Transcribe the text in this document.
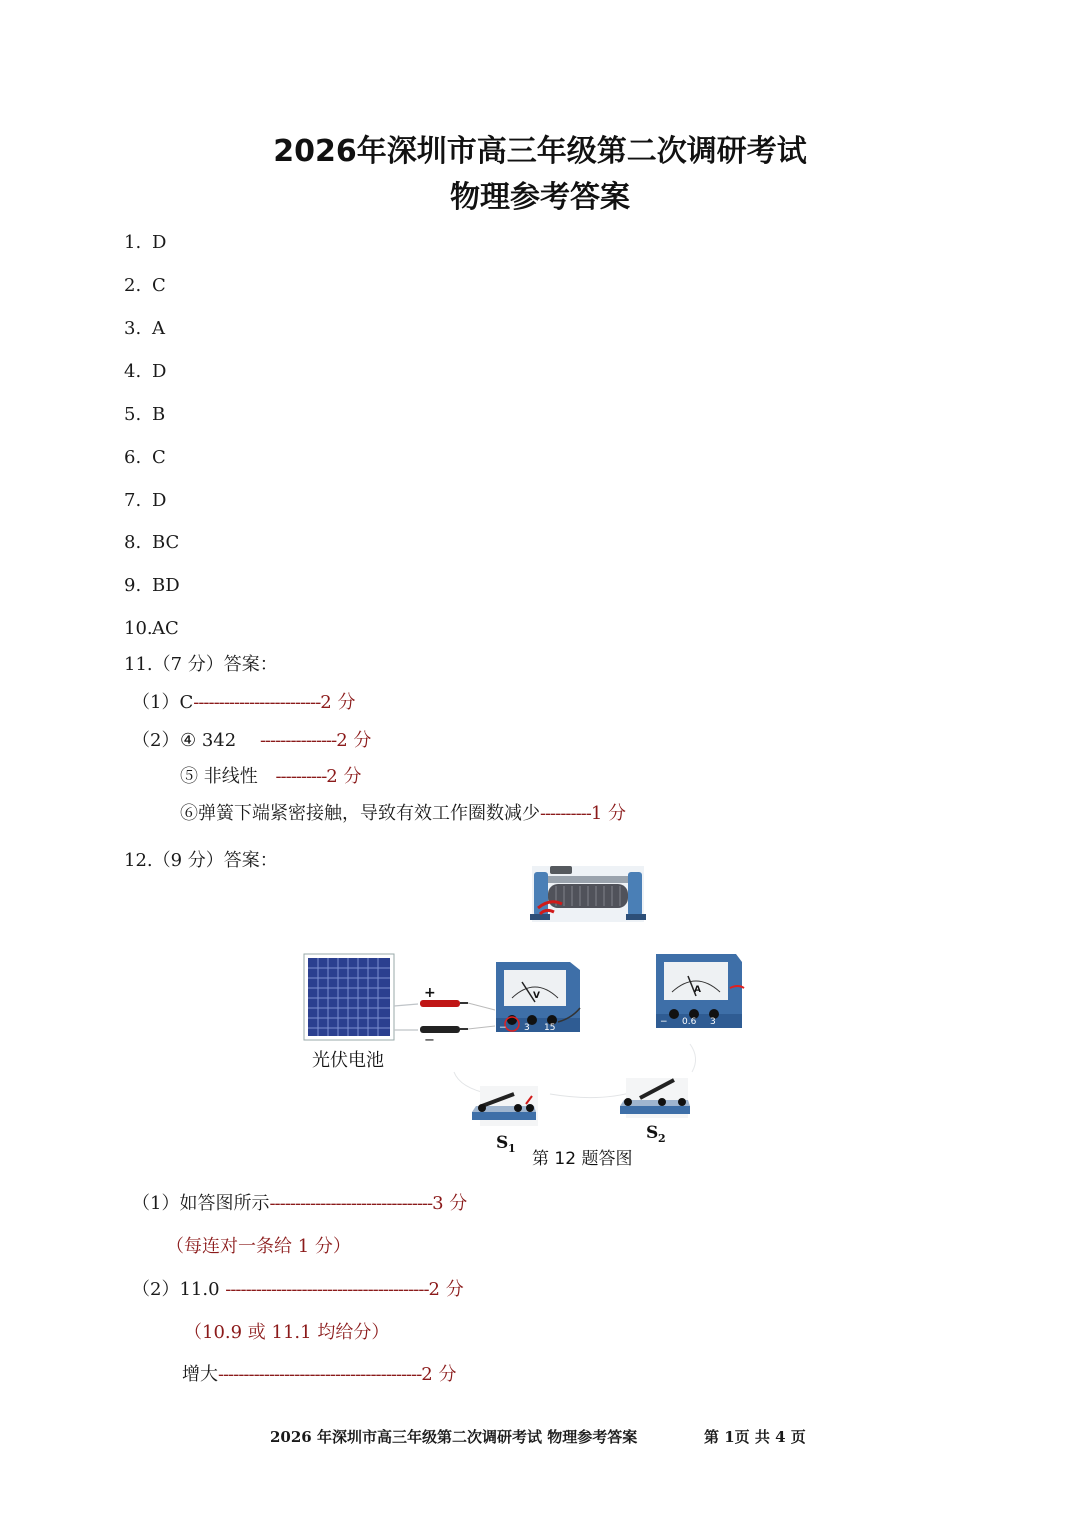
2026年深圳市高三年级第二次调研考试
物理参考答案
1. D
2. C
3. A
4. D
5. B
6. C
7. D
8. BC
9. BD
10.AC
11.（7 分）答案：
（1）C-------------------------2 分
（2） ④ 342 ---------------2 分
⑤ 非线性 ----------2 分
⑥弹簧下端紧密接触，导致有效工作圈数减少----------1 分
12.（9 分）答案：
+
−
V
− 3 15
A
− 0.6 3
光伏电池
S 1
S 2
第 12 题答图
（1）如答图所示--------------------------------3 分
（每连对一条给 1 分）
（2）11.0 ----------------------------------------2 分
（10.9 或 11.1 均给分）
增大----------------------------------------2 分
2026 年深圳市高三年级第二次调研考试 物理参考答案	第 1页 共 4 页
